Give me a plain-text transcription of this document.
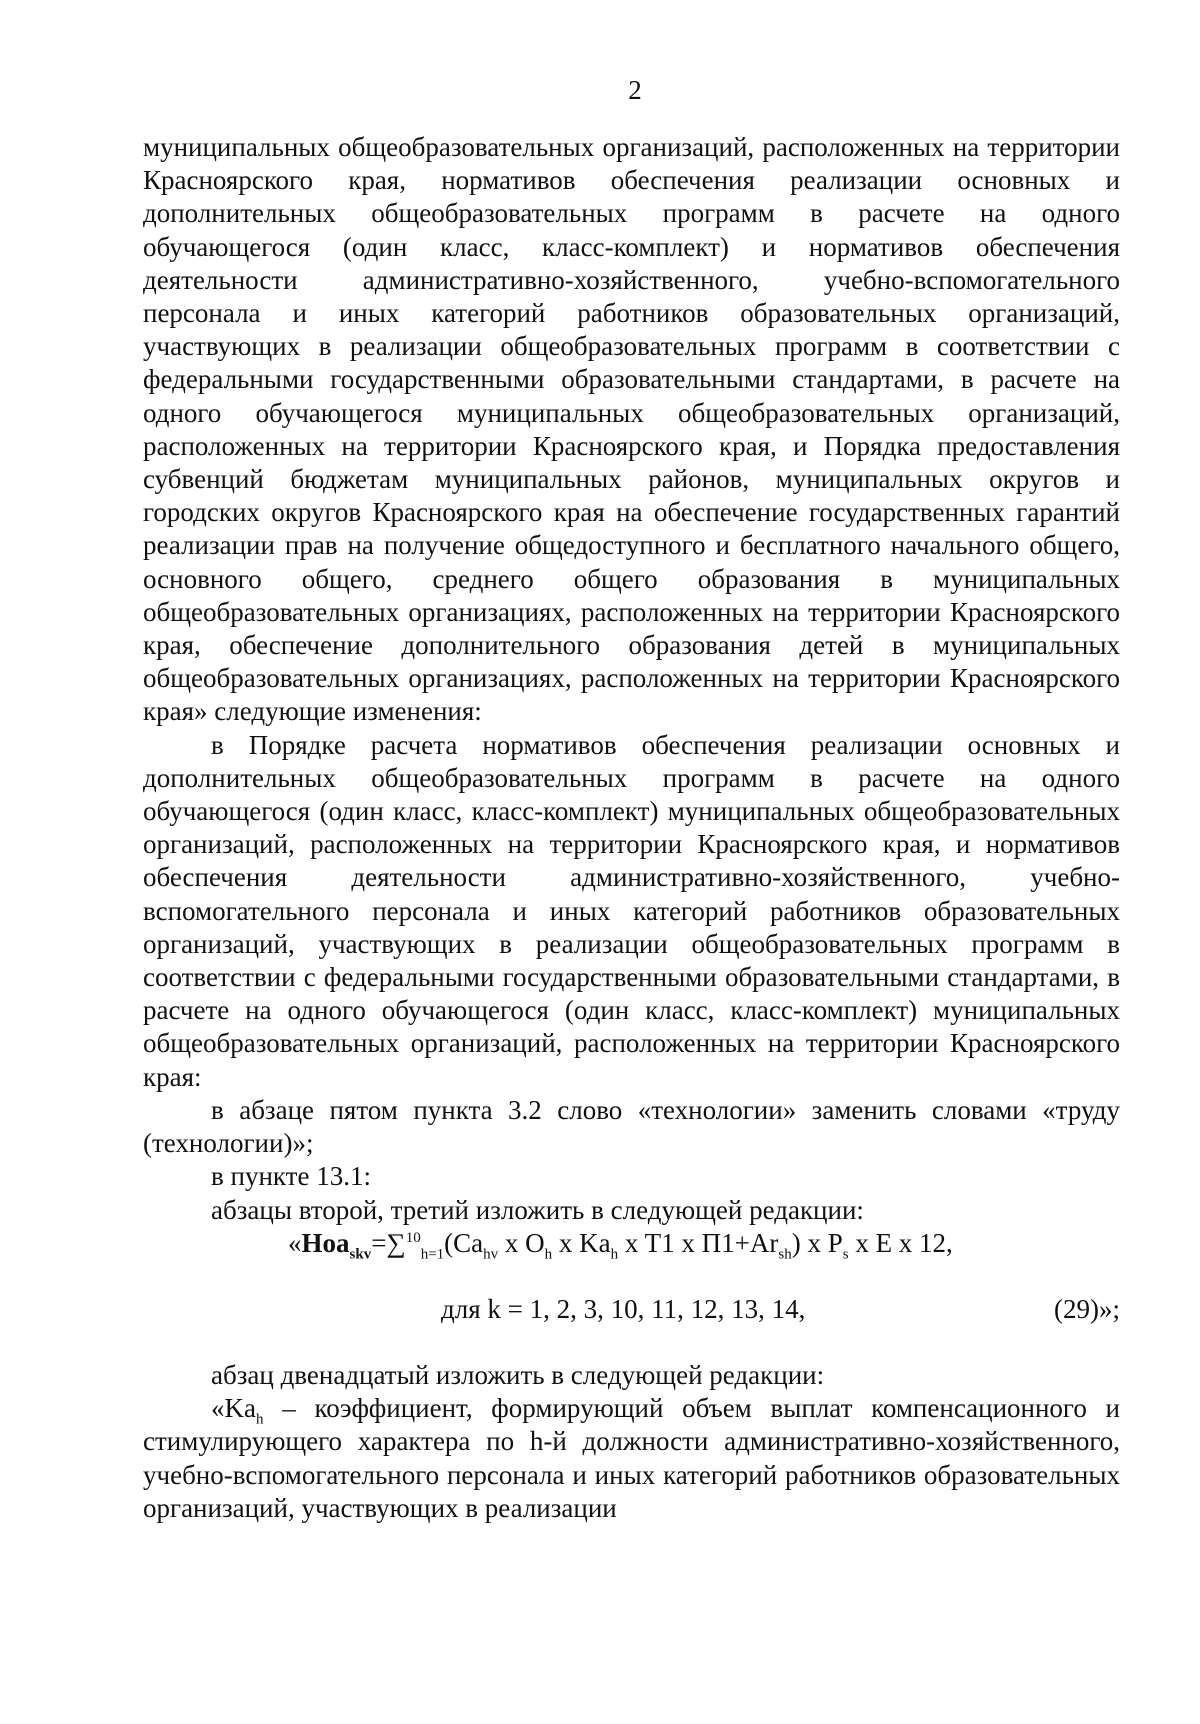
2

муниципальных общеобразовательных организаций, расположенных на территории Красноярского края, нормативов обеспечения реализации основных и дополнительных общеобразовательных программ в расчете на одного обучающегося (один класс, класс-комплект) и нормативов обеспечения деятельности административно-хозяйственного, учебно-вспомогательного персонала и иных категорий работников образовательных организаций, участвующих в реализации общеобразовательных программ в соответствии с федеральными государственными образовательными стандартами, в расчете на одного обучающегося муниципальных общеобразовательных организаций, расположенных на территории Красноярского края, и Порядка предоставления субвенций бюджетам муниципальных районов, муниципальных округов и городских округов Красноярского края на обеспечение государственных гарантий реализации прав на получение общедоступного и бесплатного начального общего, основного общего, среднего общего образования в муниципальных общеобразовательных организациях, расположенных на территории Красноярского края, обеспечение дополнительного образования детей в муниципальных общеобразовательных организациях, расположенных на территории Красноярского края» следующие изменения:

в Порядке расчета нормативов обеспечения реализации основных и дополнительных общеобразовательных программ в расчете на одного обучающегося (один класс, класс-комплект) муниципальных общеобразовательных организаций, расположенных на территории Красноярского края, и нормативов обеспечения деятельности административно-хозяйственного, учебно-вспомогательного персонала и иных категорий работников образовательных организаций, участвующих в реализации общеобразовательных программ в соответствии с федеральными государственными образовательными стандартами, в расчете на одного обучающегося (один класс, класс-комплект) муниципальных общеобразовательных организаций, расположенных на территории Красноярского края:

в абзаце пятом пункта 3.2 слово «технологии» заменить словами «труду (технологии)»;

в пункте 13.1:

абзацы второй, третий изложить в следующей редакции:

«$Hoa_{skv}=\sum^{10}_{h=1}(Ca_{hv}$ x $O_h$ x $Ka_h$ x T1 x $П1+Ar_{sh}$) x $P_s$ x E x 12,

для k = 1, 2, 3, 10, 11, 12, 13, 14,	(29)»;

абзац двенадцатый изложить в следующей редакции:

«$Ka_h$ – коэффициент, формирующий объем выплат компенсационного и стимулирующего характера по h-й должности административно-хозяйственного, учебно-вспомогательного персонала и иных категорий работников образовательных организаций, участвующих в реализации
